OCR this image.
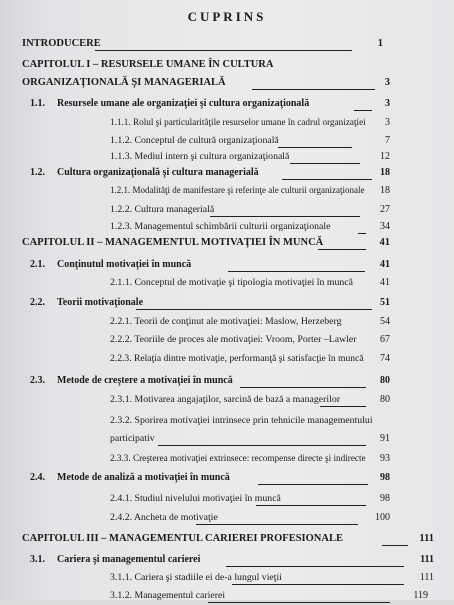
CUPRINS
INTRODUCERE	1
CAPITOLUL I – RESURSELE UMANE ÎN CULTURA
ORGANIZAŢIONALĂ ŞI MANAGERIALĂ	3
1.1. Resursele umane ale organizaţiei şi cultura organizaţională	3
1.1.1. Rolul şi particularităţile resurselor umane în cadrul organizaţiei	3
1.1.2. Conceptul de cultură organizaţională	7
1.1.3. Mediul intern şi cultura organizaţională	12
1.2. Cultura organizaţională şi cultura managerială	18
1.2.1. Modalităţi de manifestare şi referinţe ale culturii organizaţionale	18
1.2.2. Cultura managerială	27
1.2.3. Managementul schimbării culturii organizaţionale	34
CAPITOLUL II – MANAGEMENTUL MOTIVAŢIEI ÎN MUNCĂ	41
2.1. Conţinutul motivaţiei în muncă	41
2.1.1. Conceptul de motivaţie şi tipologia motivaţiei în muncă	41
2.2. Teorii motivaţionale	51
2.2.1. Teorii de conţinut ale motivaţiei: Maslow, Herzeberg	54
2.2.2. Teoriile de proces ale motivaţiei: Vroom, Porter –Lawler	67
2.2.3. Relaţia dintre motivaţie, performanţă şi satisfacţie în muncă	74
2.3. Metode de creştere a motivaţiei în muncă	80
2.3.1. Motivarea angajaţilor, sarcină de bază a managerilor	80
2.3.2. Sporirea motivaţiei intrinsece prin tehnicile managementului
participativ	91
2.3.3. Creşterea motivaţiei extrinsece: recompense directe şi indirecte	93
2.4. Metode de analiză a motivaţiei în muncă	98
2.4.1. Studiul nivelului motivaţiei în muncă	98
2.4.2. Ancheta de motivaţie	100
CAPITOLUL III – MANAGEMENTUL CARIEREI PROFESIONALE	111
3.1. Cariera şi managementul carierei	111
3.1.1. Cariera şi stadiile ei de-a lungul vieţii	111
3.1.2. Managementul carierei	119
